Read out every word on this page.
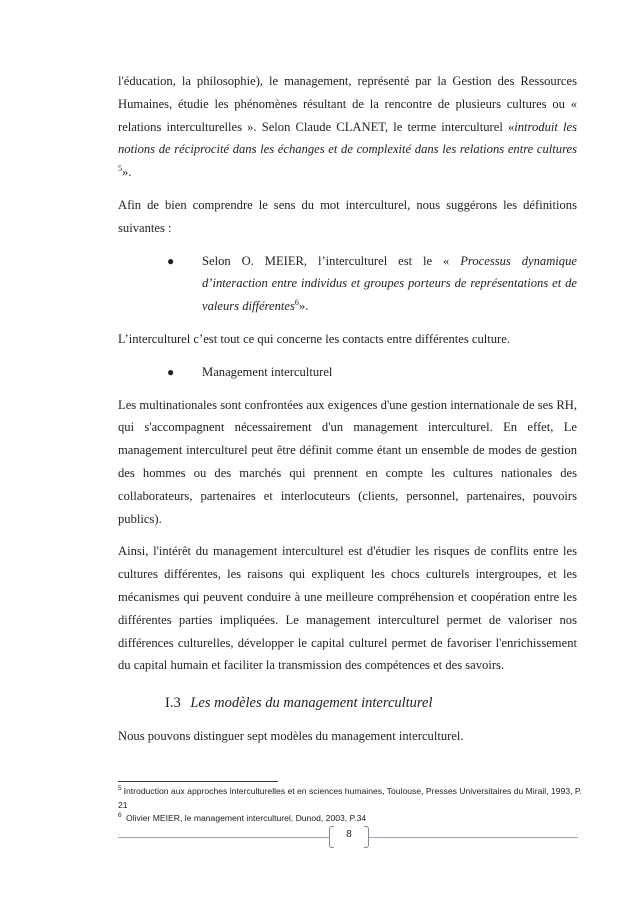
l'éducation, la philosophie), le management, représenté par la Gestion des Ressources Humaines, étudie les phénomènes résultant de la rencontre de plusieurs cultures ou « relations interculturelles ». Selon Claude CLANET, le terme interculturel «introduit les notions de réciprocité dans les échanges et de complexité dans les relations entre cultures $^5$».

Afin de bien comprendre le sens du mot interculturel, nous suggérons les définitions suivantes :

● Selon O. MEIER, l’interculturel est le « Processus dynamique d’interaction entre individus et groupes porteurs de représentations et de valeurs différentes$^6$».

L’interculturel c’est tout ce qui concerne les contacts entre différentes culture.

● Management interculturel

Les multinationales sont confrontées aux exigences d'une gestion internationale de ses RH, qui s'accompagnent nécessairement d'un management interculturel. En effet, Le management interculturel peut être définit comme étant un ensemble de modes de gestion des hommes ou des marchés qui prennent en compte les cultures nationales des collaborateurs, partenaires et interlocuteurs (clients, personnel, partenaires, pouvoirs publics).

Ainsi, l'intérêt du management interculturel est d'étudier les risques de conflits entre les cultures différentes, les raisons qui expliquent les chocs culturels intergroupes, et les mécanismes qui peuvent conduire à une meilleure compréhension et coopération entre les différentes parties impliquées. Le management interculturel permet de valoriser nos différences culturelles, développer le capital culturel permet de favoriser l'enrichissement du capital humain et faciliter la transmission des compétences et des savoirs.

I.3 Les modèles du management interculturel

Nous pouvons distinguer sept modèles du management interculturel.

$^5$ Introduction aux approches interculturelles et en sciences humaines, Toulouse, Presses Universitaires du Mirail, 1993, P. 21
$^6$ Olivier MEIER, le management interculturel, Dunod, 2003, P.34
8
